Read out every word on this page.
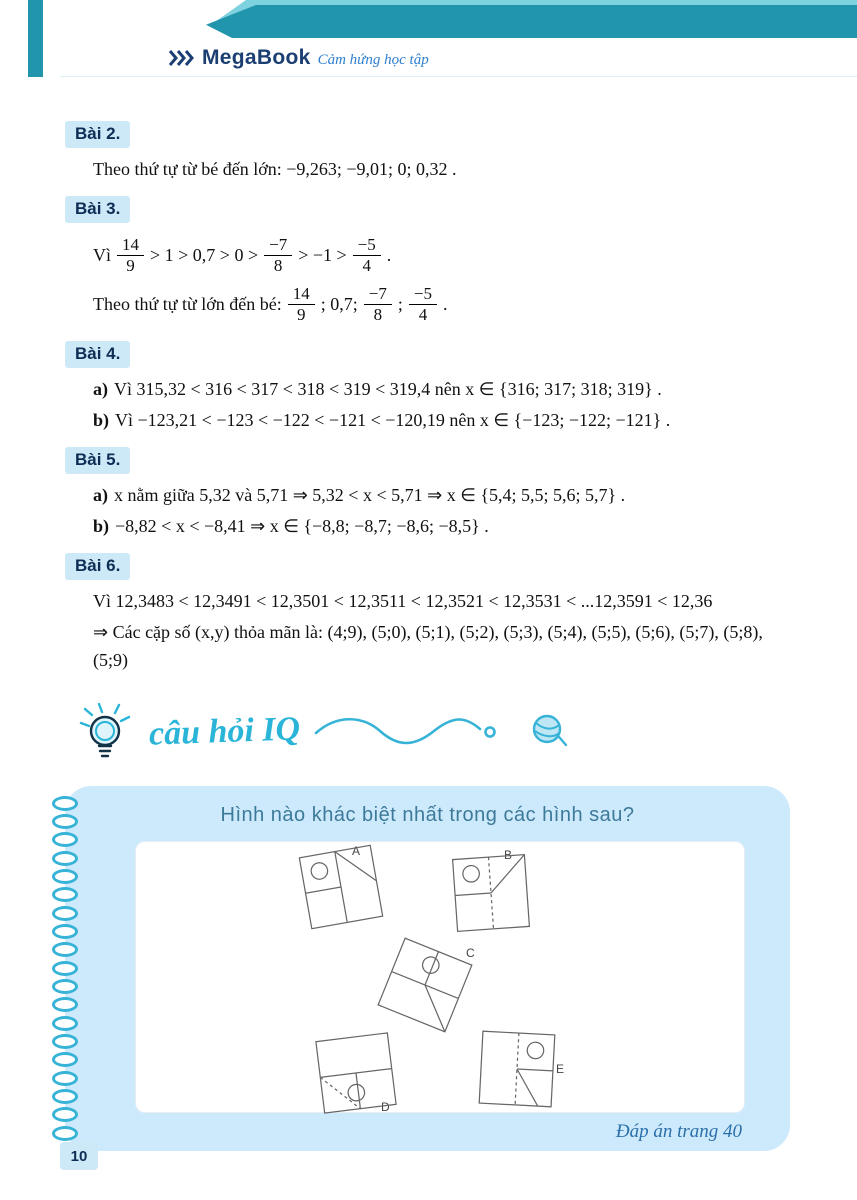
MegaBook Cảm hứng học tập
Bài 2.
Theo thứ tự từ bé đến lớn: −9,263; −9,01; 0; 0,32 .
Bài 3.
Vì $\frac{14}{9} > 1 > 0,7 > 0 > \frac{-7}{8} > -1 > \frac{-5}{4}$ .
Theo thứ tự từ lớn đến bé: $\frac{14}{9}$ ; 0,7; $\frac{-7}{8}$ ; $\frac{-5}{4}$ .
Bài 4.
a) Vì 315,32 < 316 < 317 < 318 < 319 < 319,4 nên x ∈ {316; 317; 318; 319} .
b) Vì −123,21 < −123 < −122 < −121 < −120,19 nên x ∈ {−123; −122; −121} .
Bài 5.
a) x nằm giữa 5,32 và 5,71 ⇒ 5,32 < x < 5,71 ⇒ x ∈ {5,4; 5,5; 5,6; 5,7} .
b) −8,82 < x < −8,41 ⇒ x ∈ {−8,8; −8,7; −8,6; −8,5} .
Bài 6.
Vì 12,3483 < 12,3491 < 12,3501 < 12,3511 < 12,3521 < 12,3531 < ...12,3591 < 12,36
⇒ Các cặp số (x,y) thỏa mãn là: (4;9), (5;0), (5;1), (5;2), (5;3), (5;4), (5;5), (5;6), (5;7), (5;8), (5;9)
câu hỏi IQ
Hình nào khác biệt nhất trong các hình sau?
A	B
C
D
E
Đáp án trang 40
10
